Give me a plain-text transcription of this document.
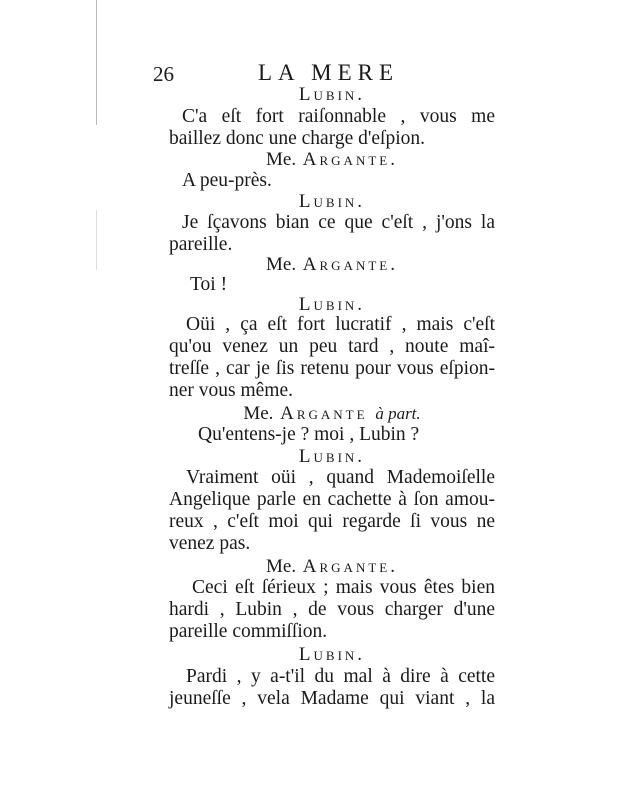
26	LA MERE
Lubin.
C'a eſt fort raiſonnable , vous me
baillez donc une charge d'eſpion.
Me. Argante.
A peu-près.
Lubin.
Je ſçavons bian ce que c'eſt , j'ons la
pareille.
Me. Argante.
Toi !
Lubin.
Oüi , ça eſt fort lucratif , mais c'eſt
qu'ou venez un peu tard , noute maî-
treſſe , car je ſis retenu pour vous eſpion-
ner vous même.
Me. Argante à part.
Qu'entens-je ? moi , Lubin ?
Lubin.
Vraiment oüi , quand Mademoiſelle
Angelique parle en cachette à ſon amou-
reux , c'eſt moi qui regarde ſi vous ne
venez pas.
Me. Argante.
Ceci eſt ſérieux ; mais vous êtes bien
hardi , Lubin , de vous charger d'une
pareille commiſſion.
Lubin.
Pardi , y a-t'il du mal à dire à cette
jeuneſſe , vela Madame qui viant , la
